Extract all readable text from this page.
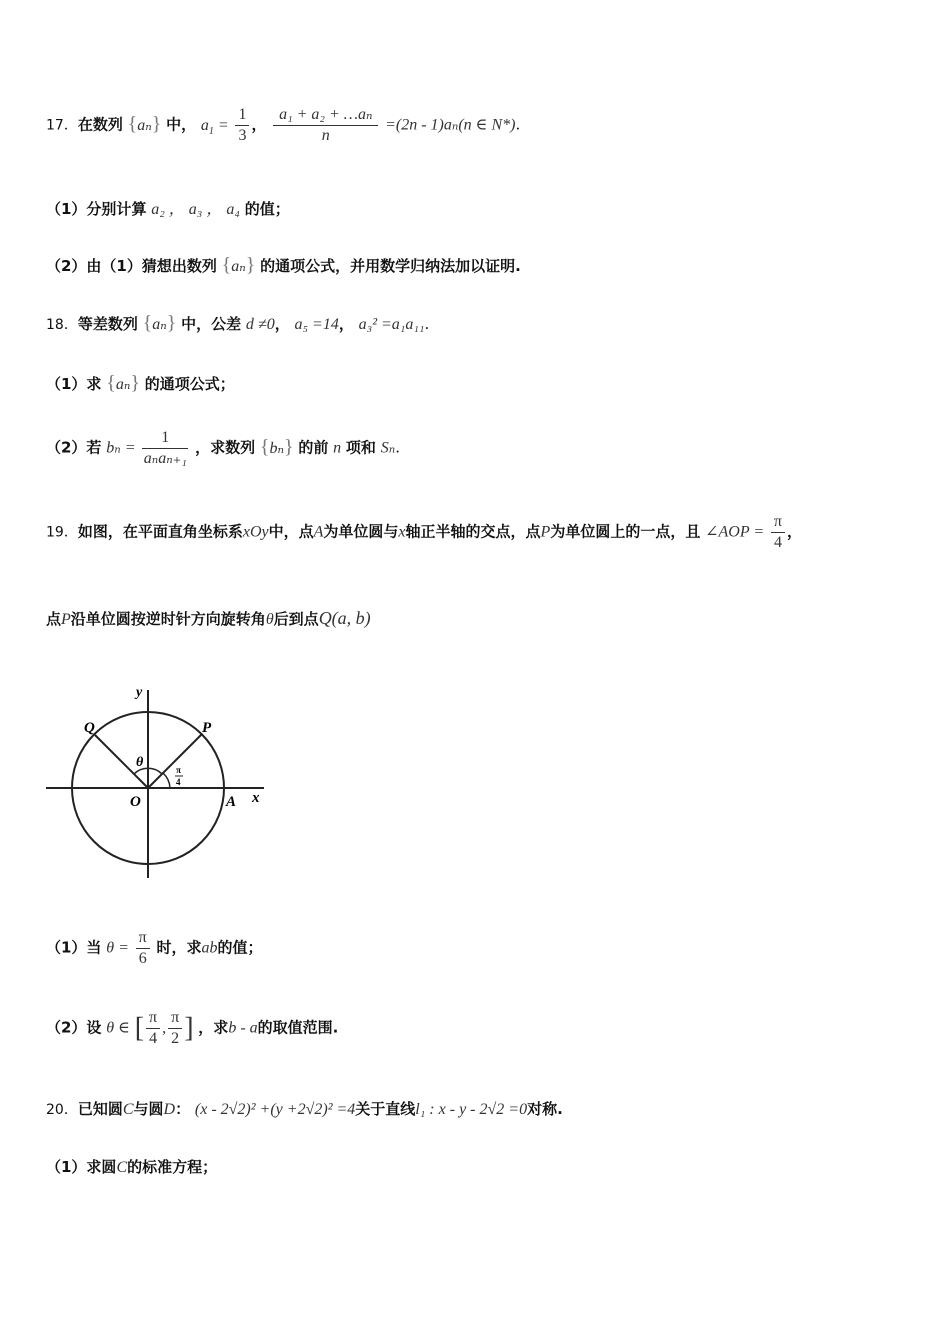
17．在数列 {aₙ} 中， $a_1 = \frac{1}{3}$ ， $\frac{\text{a₁ + a₂ + …aₙ}}{n} =(2n - 1)a_n(n$ ∈ N*).
（1）分别计算 a₂ ， a₃ ， a₄ 的值；
（2）由（1）猜想出数列 {aₙ} 的通项公式，并用数学归纳法加以证明.
18．等差数列 {aₙ} 中，公差 d ≠0， a₅ =14， a₃² =a₁a₁₁.
（1）求 {aₙ} 的通项公式；
（2）若 $b_n = \frac{1}{\text{aₙaₙ₊₁}}$ ，求数列 {bₙ} 的前 n 项和 Sₙ.
19．如图，在平面直角坐标系xOy中，点A为单位圆与x轴正半轴的交点，点P为单位圆上的一点，且 ∠AOP = $\frac{\pi}{4}$ ，
点P沿单位圆按逆时针方向旋转角θ后到点Q(a, b)
y
x
O	A
P
Q
θ	π
4
（1）当 $\theta = \frac{\pi}{6}$ 时，求ab的值；
（2）设 θ ∈ [ $\frac{\pi}{4}$ , $\frac{\pi}{2}$ ] ，求b - a的取值范围.
20．已知圆C与圆D： (x - 2√2)² +(y +2√2)² =4关于直线l₁ : x - y - 2√2 =0对称.
（1）求圆C的标准方程；
